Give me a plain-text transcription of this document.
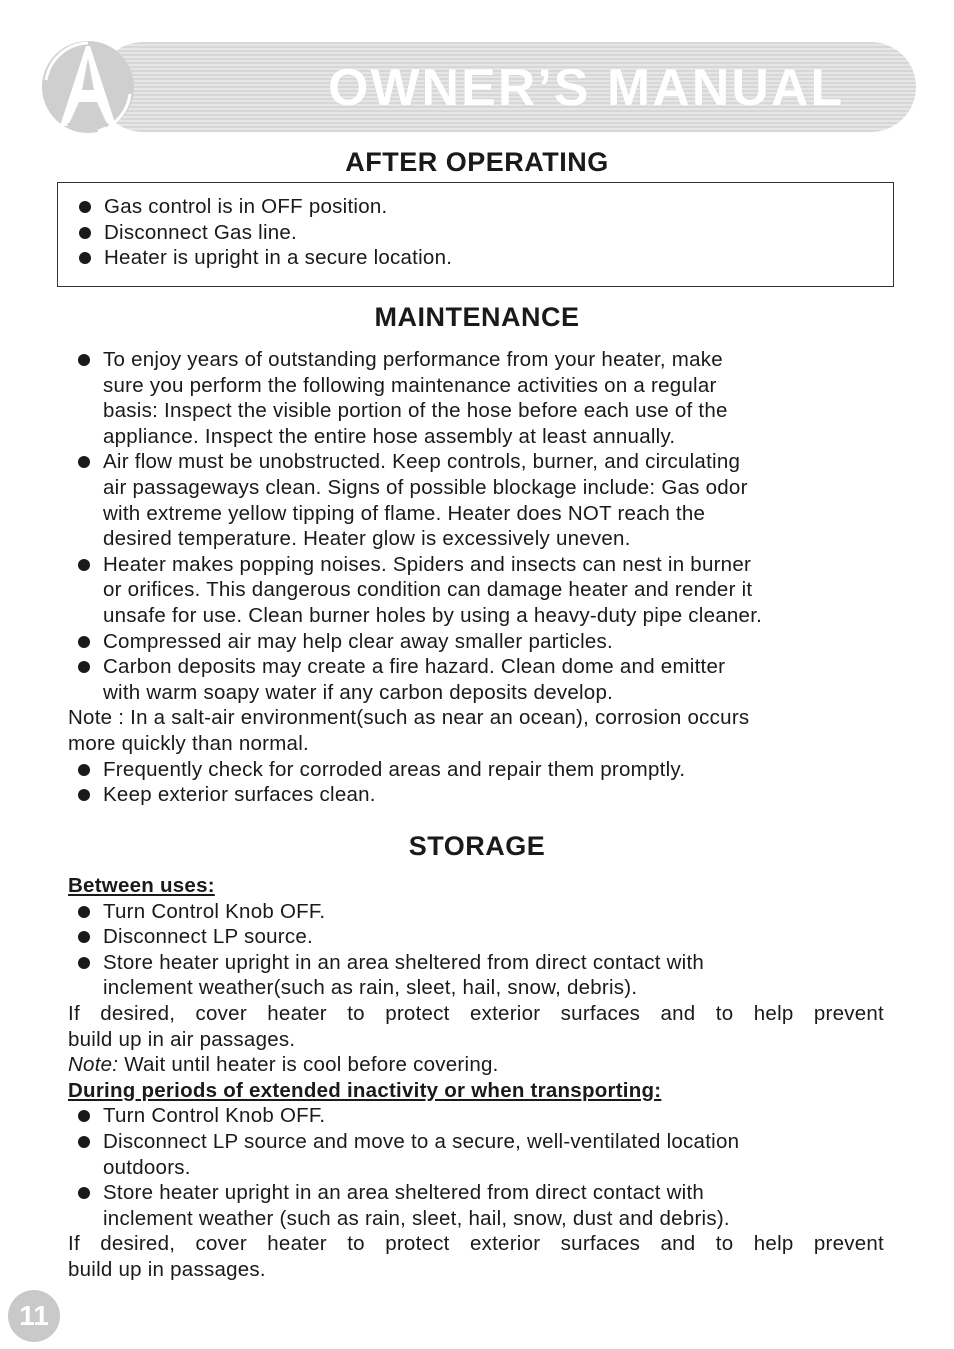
OWNER’S MANUAL
AFTER OPERATING
Gas control is in OFF position.
Disconnect Gas line.
Heater is upright in a secure location.
MAINTENANCE
To enjoy years of outstanding performance from your heater, make
sure you perform the following maintenance activities on a regular
basis: Inspect the visible portion of the hose before each use of the
appliance. Inspect the entire hose assembly at least annually.
Air flow must be unobstructed. Keep controls, burner, and circulating
air passageways clean. Signs of possible blockage include: Gas odor
with extreme yellow tipping of flame. Heater does NOT reach the
desired temperature. Heater glow is excessively uneven.
Heater makes popping noises. Spiders and insects can nest in burner
or orifices. This dangerous condition can damage heater and render it
unsafe for use. Clean burner holes by using a heavy-duty pipe cleaner.
Compressed air may help clear away smaller particles.
Carbon deposits may create a fire hazard. Clean dome and emitter
with warm soapy water if any carbon deposits develop.
Note : In a salt-air environment(such as near an ocean), corrosion occurs
more quickly than normal.
Frequently check for corroded areas and repair them promptly.
Keep exterior surfaces clean.
STORAGE
Between uses:
Turn Control Knob OFF.
Disconnect LP source.
Store heater upright in an area sheltered from direct contact with
inclement weather(such as rain, sleet, hail, snow, debris).
If desired, cover heater to protect exterior surfaces and to help prevent
build up in air passages.
Note: Wait until heater is cool before covering.
During periods of extended inactivity or when transporting:
Turn Control Knob OFF.
Disconnect LP source and move to a secure, well-ventilated location
outdoors.
Store heater upright in an area sheltered from direct contact with
inclement weather (such as rain, sleet, hail, snow, dust and debris).
If desired, cover heater to protect exterior surfaces and to help prevent
build up in passages.
11
